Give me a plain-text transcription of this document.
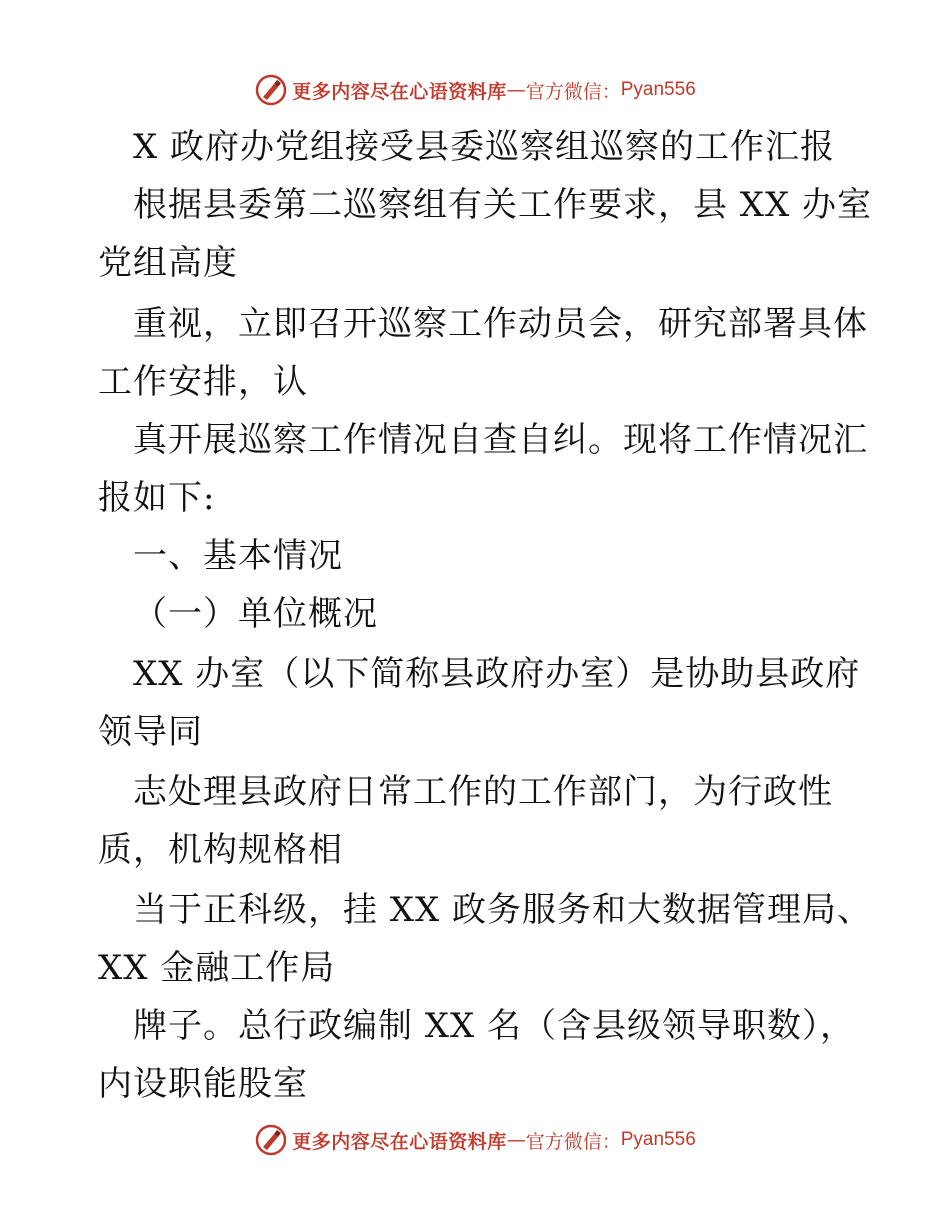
更多内容尽在心语资料库 — 官方微信： Pyan556
X 政府办党组接受县委巡察组巡察的工作汇报
根据县委第二巡察组有关工作要求，县 XX 办室
党组高度
重视，立即召开巡察工作动员会，研究部署具体
工作安排，认
真开展巡察工作情况自查自纠。现将工作情况汇
报如下:
一、基本情况
（一）单位概况
XX 办室（以下简称县政府办室）是协助县政府
领导同
志处理县政府日常工作的工作部门，为行政性
质，机构规格相
当于正科级，挂 XX 政务服务和大数据管理局、
XX 金融工作局
牌子。总行政编制 XX 名（含县级领导职数），
内设职能股室
更多内容尽在心语资料库 — 官方微信： Pyan556
